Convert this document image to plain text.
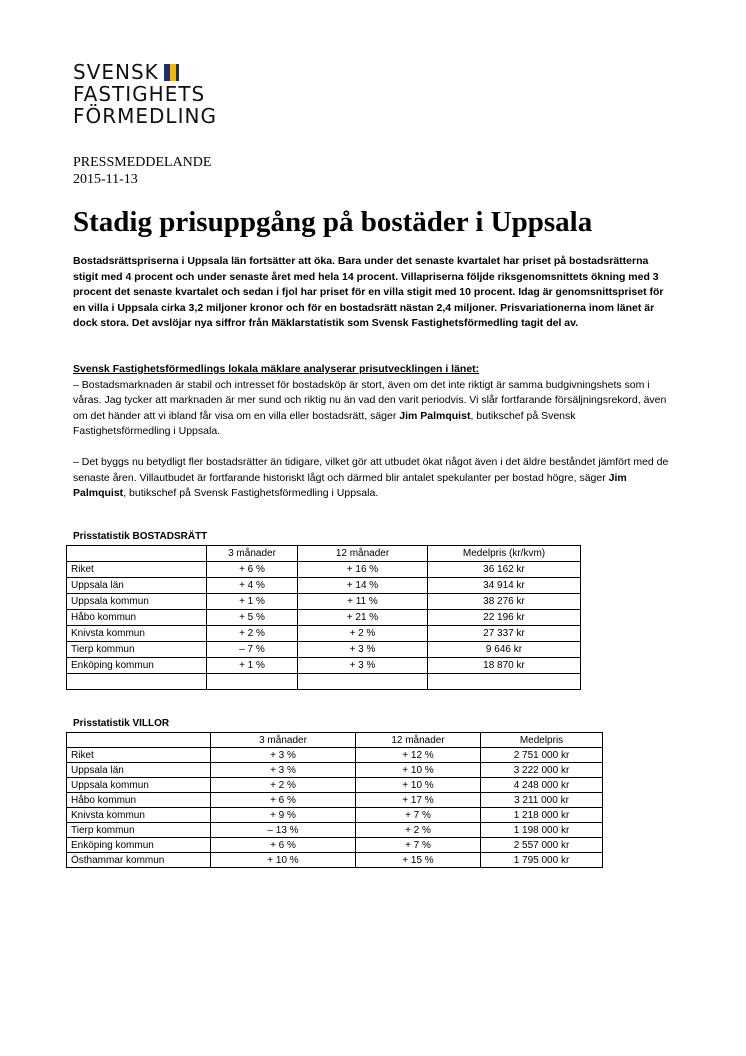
SVENSK
FASTIGHETS
FÖRMEDLING
PRESSMEDDELANDE
2015-11-13
Stadig prisuppgång på bostäder i Uppsala
Bostadsrättspriserna i Uppsala län fortsätter att öka. Bara under det senaste kvartalet har priset på bostadsrätterna stigit med 4 procent och under senaste året med hela 14 procent. Villapriserna följde riksgenomsnittets ökning med 3 procent det senaste kvartalet och sedan i fjol har priset för en villa stigit med 10 procent. Idag är genomsnittspriset för en villa i Uppsala cirka 3,2 miljoner kronor och för en bostadsrätt nästan 2,4 miljoner. Prisvariationerna inom länet är dock stora. Det avslöjar nya siffror från Mäklarstatistik som Svensk Fastighetsförmedling tagit del av.
Svensk Fastighetsförmedlings lokala mäklare analyserar prisutvecklingen i länet:
– Bostadsmarknaden är stabil och intresset för bostadsköp är stort, även om det inte riktigt är samma budgivningshets som i våras. Jag tycker att marknaden är mer sund och riktig nu än vad den varit periodvis. Vi slår fortfarande försäljningsrekord, även om det händer att vi ibland får visa om en villa eller bostadsrätt, säger Jim Palmquist, butikschef på Svensk Fastighetsförmedling i Uppsala.
– Det byggs nu betydligt fler bostadsrätter än tidigare, vilket gör att utbudet ökat något även i det äldre beståndet jämfört med de senaste åren. Villautbudet är fortfarande historiskt lågt och därmed blir antalet spekulanter per bostad högre, säger Jim Palmquist, butikschef på Svensk Fastighetsförmedling i Uppsala.
Prisstatistik BOSTADSRÄTT
	3 månader	12 månader	Medelpris (kr/kvm)
Riket	+ 6 %	+ 16 %	36 162 kr
Uppsala län	+ 4 %	+ 14 %	34 914 kr
Uppsala kommun	+ 1 %	+ 11 %	38 276 kr
Håbo kommun	+ 5 %	+ 21 %	22 196 kr
Knivsta kommun	+ 2 %	+ 2 %	27 337 kr
Tierp kommun	– 7 %	+ 3 %	9 646 kr
Enköping kommun	+ 1 %	+ 3 %	18 870 kr

Prisstatistik VILLOR
	3 månader	12 månader	Medelpris
Riket	+ 3 %	+ 12 %	2 751 000 kr
Uppsala län	+ 3 %	+ 10 %	3 222 000 kr
Uppsala kommun	+ 2 %	+ 10 %	4 248 000 kr
Håbo kommun	+ 6 %	+ 17 %	3 211 000 kr
Knivsta kommun	+ 9 %	+ 7 %	1 218 000 kr
Tierp kommun	– 13 %	+ 2 %	1 198 000 kr
Enköping kommun	+ 6 %	+ 7 %	2 557 000 kr
Östhammar kommun	+ 10 %	+ 15 %	1 795 000 kr
